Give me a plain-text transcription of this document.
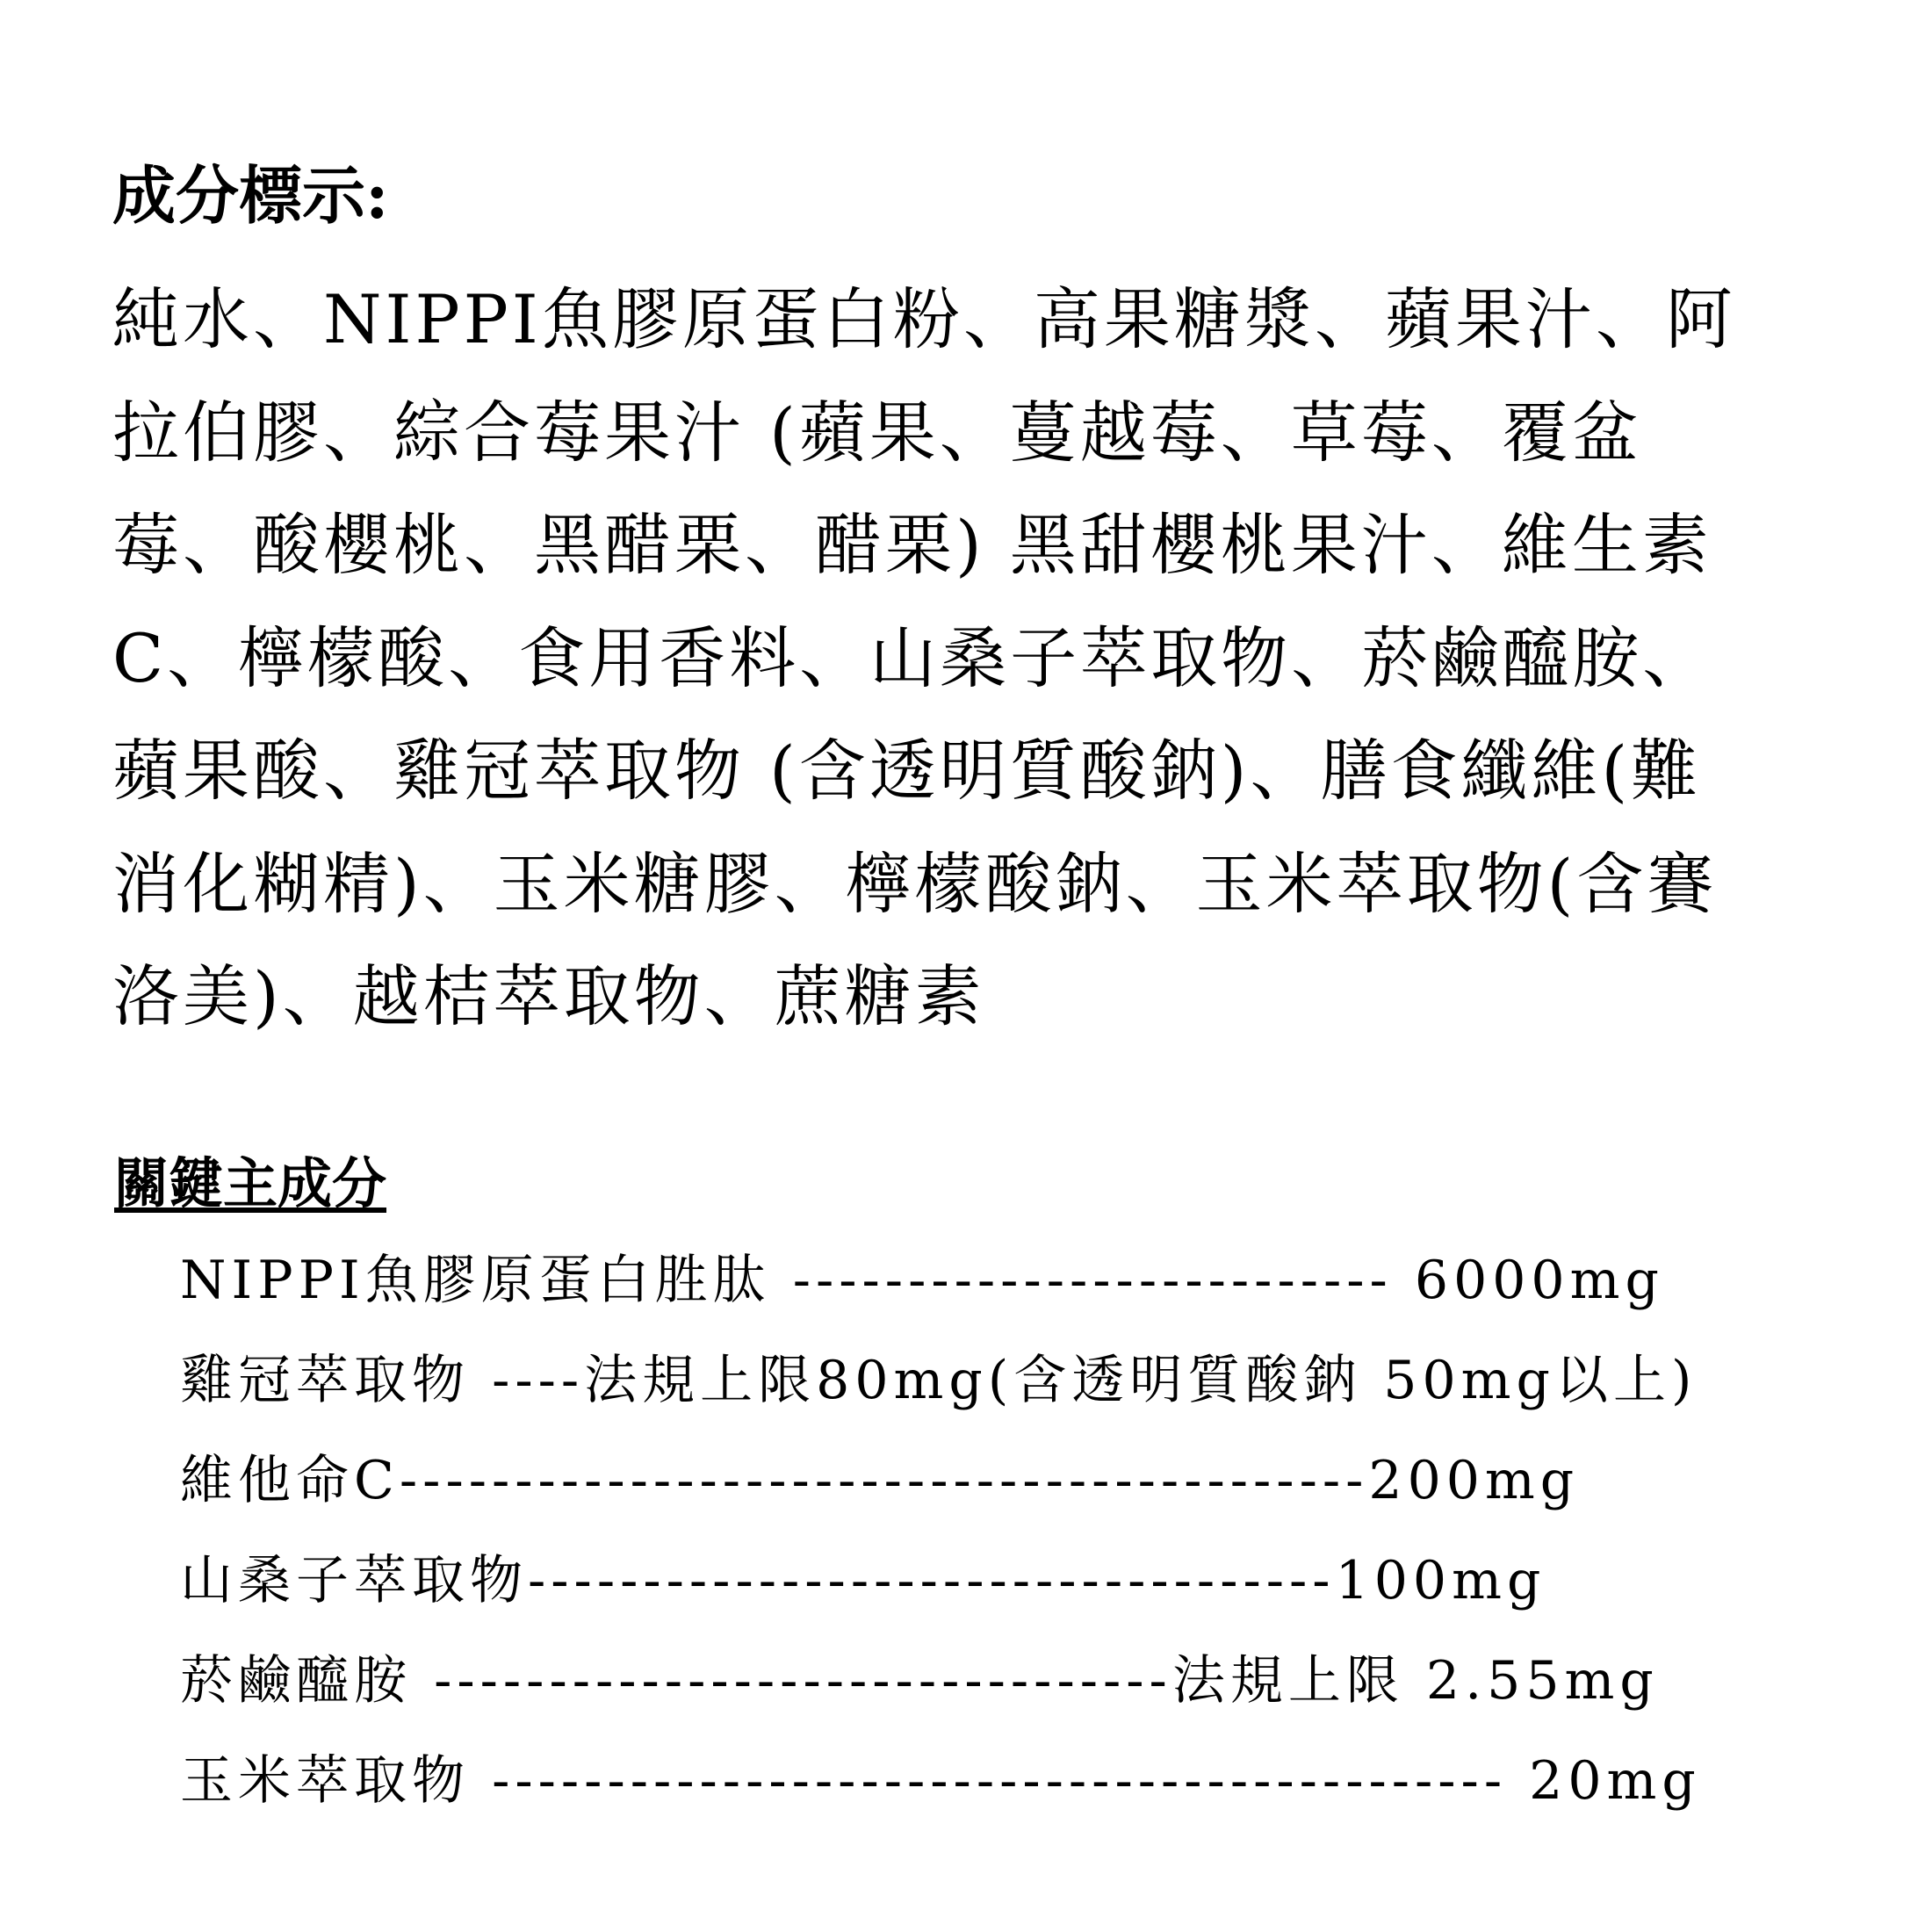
成分標示:

純水、NIPPI魚膠原蛋白粉、高果糖漿、蘋果汁、阿
拉伯膠、綜合莓果汁 (蘋果、蔓越莓、草莓、覆盆
莓、酸櫻桃、黑醋栗、醋栗) 黑甜櫻桃果汁、維生素
C、檸檬酸、食用香料、山桑子萃取物、菸鹼醯胺、
蘋果酸、雞冠萃取物 (含透明質酸鈉)、膳食纖維(難
消化糊精)、玉米糖膠、檸檬酸鈉、玉米萃取物(含賽
洛美)、越桔萃取物、蔗糖素

關鍵主成分
NIPPI魚膠原蛋白胜肽 -------------------------- 6000mg
雞冠萃取物 ----法規上限80mg(含透明質酸鈉 50mg以上)
維他命C------------------------------------------200mg
山桑子萃取物-----------------------------------100mg
菸鹼醯胺 --------------------------------法規上限 2.55mg
玉米萃取物 -------------------------------------------- 20mg
